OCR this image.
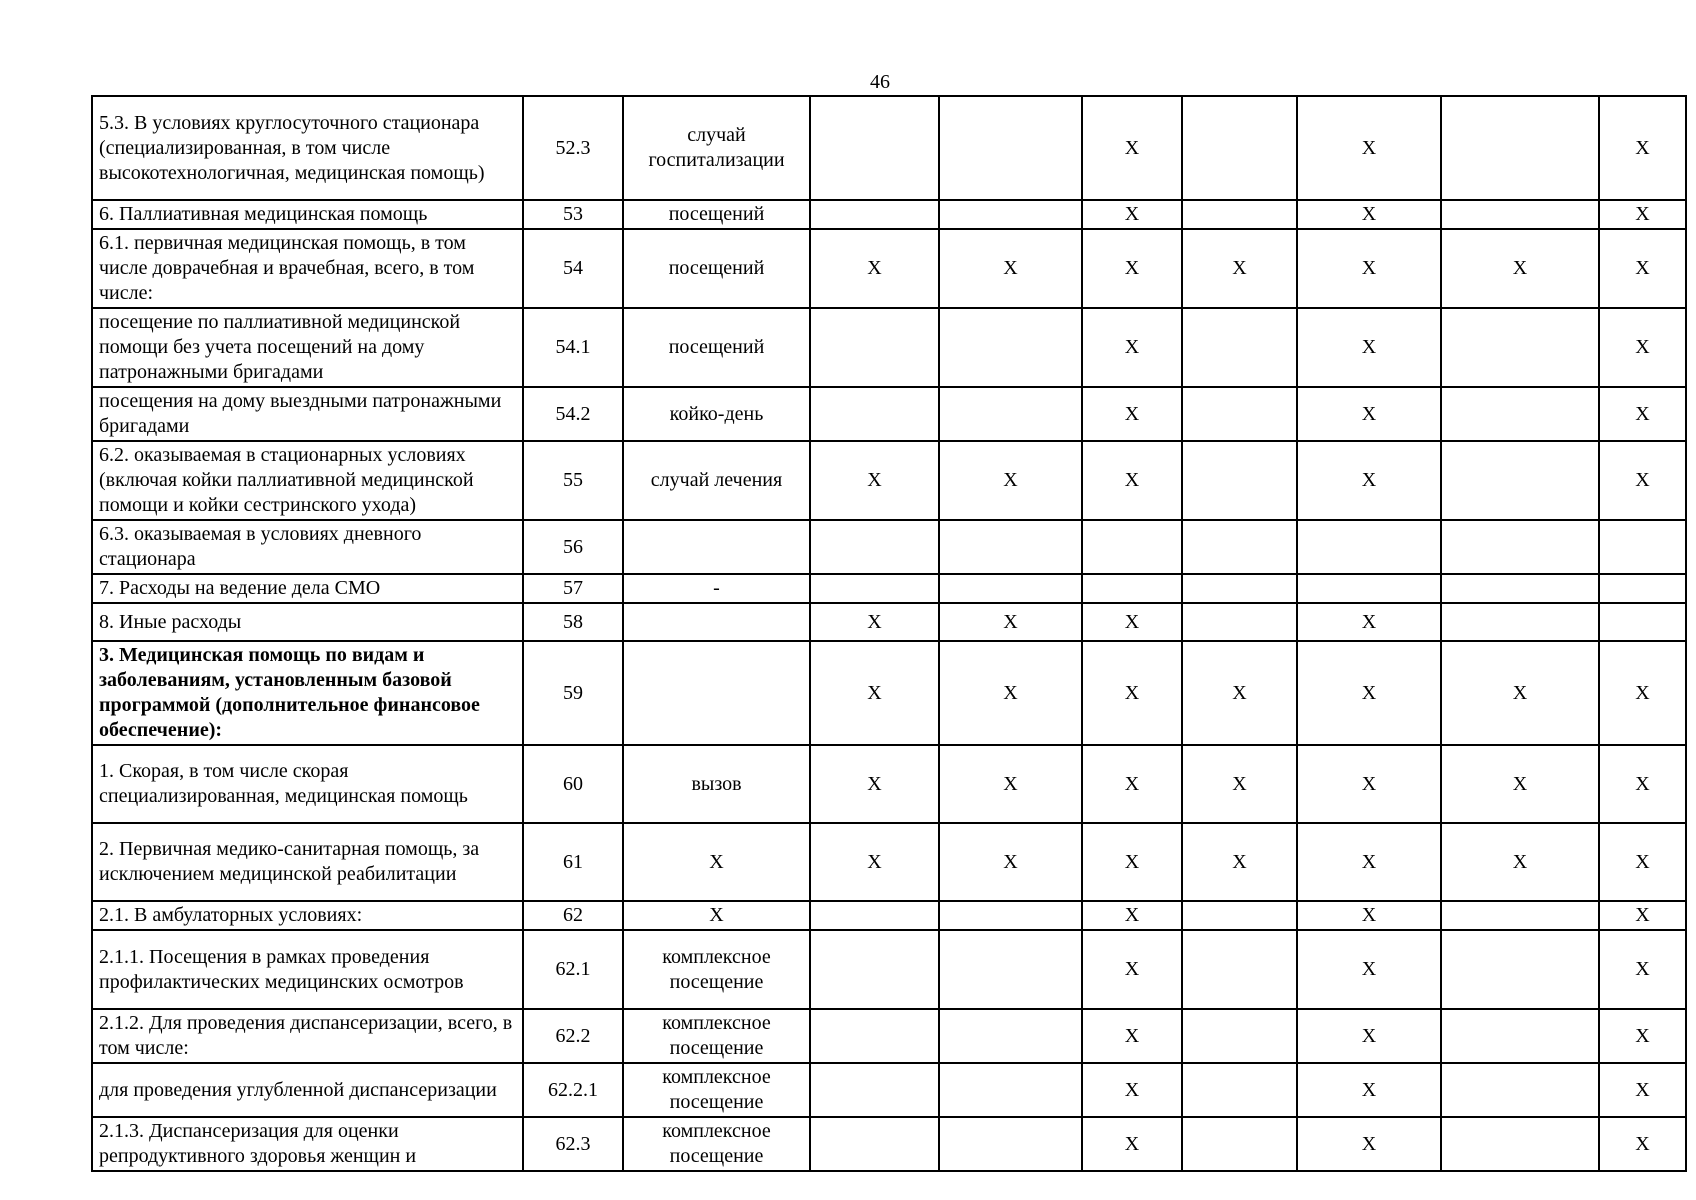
46
5.3. В условиях круглосуточного стационара (специализированная, в том числе высокотехнологичная, медицинская помощь)	52.3	случай госпитализации			X		X		X
6. Паллиативная медицинская помощь	53	посещений			X		X		X
6.1. первичная медицинская помощь, в том числе доврачебная и врачебная, всего, в том числе:	54	посещений	X	X	X	X	X	X	X
посещение по паллиативной медицинской помощи без учета посещений на дому патронажными бригадами	54.1	посещений			X		X		X
посещения на дому выездными патронажными бригадами	54.2	койко-день			X		X		X
6.2. оказываемая в стационарных условиях (включая койки паллиативной медицинской помощи и койки сестринского ухода)	55	случай лечения	X	X	X		X		X
6.3. оказываемая в условиях дневного стационара	56								
7. Расходы на ведение дела СМО	57	-							
8. Иные расходы	58		X	X	X		X		
3. Медицинская помощь по видам и заболеваниям, установленным базовой программой (дополнительное финансовое обеспечение):	59		X	X	X	X	X	X	X
1. Скорая, в том числе скорая специализированная, медицинская помощь	60	вызов	X	X	X	X	X	X	X
2. Первичная медико-санитарная помощь, за исключением медицинской реабилитации	61	X	X	X	X	X	X	X	X
2.1. В амбулаторных условиях:	62	X			X		X		X
2.1.1. Посещения в рамках проведения профилактических медицинских осмотров	62.1	комплексное посещение			X		X		X
2.1.2. Для проведения диспансеризации, всего, в том числе:	62.2	комплексное посещение			X		X		X
для проведения углубленной диспансеризации	62.2.1	комплексное посещение			X		X		X
2.1.3. Диспансеризация для оценки репродуктивного здоровья женщин и	62.3	комплексное посещение			X		X		X
